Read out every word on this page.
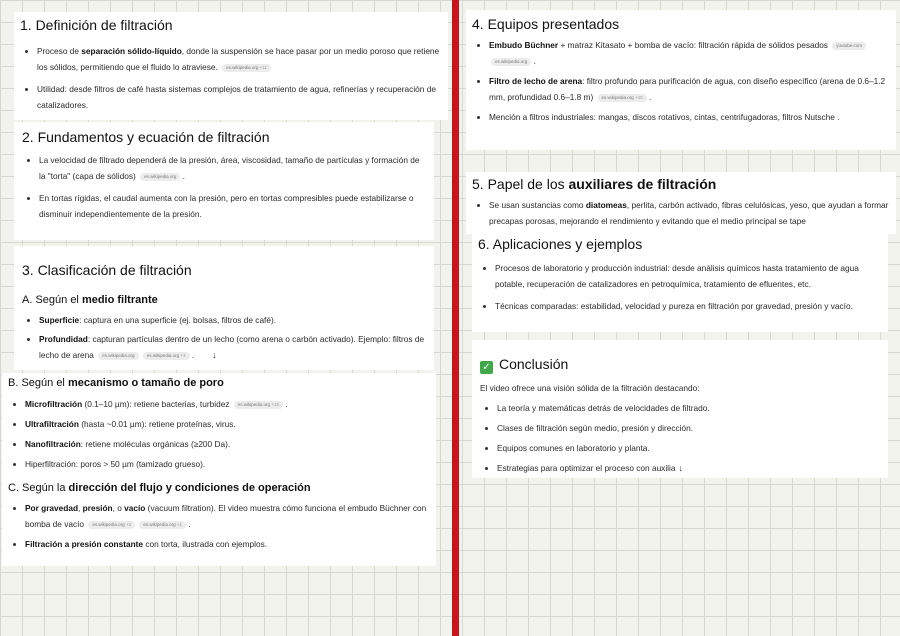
1. Definición de filtración
Proceso de separación sólido‑líquido, donde la suspensión se hace pasar por un medio poroso que retiene los sólidos, permitiendo que el fluido lo atraviese. es.wikipedia.org +11
Utilidad: desde filtros de café hasta sistemas complejos de tratamiento de agua, refinerías y recuperación de catalizadores.
2. Fundamentos y ecuación de filtración
La velocidad de filtrado dependerá de la presión, área, viscosidad, tamaño de partículas y formación de la "torta" (capa de sólidos) es.wikipedia.org .
En tortas rígidas, el caudal aumenta con la presión, pero en tortas compresibles puede estabilizarse o disminuir independientemente de la presión.
3. Clasificación de filtración
A. Según el medio filtrante
Superficie: captura en una superficie (ej. bolsas, filtros de café).
Profundidad: capturan partículas dentro de un lecho (como arena o carbón activado). Ejemplo: filtros de lecho de arena es.wikipedia.org	es.wikipedia.org +1 . ↓
B. Según el mecanismo o tamaño de poro
Microfiltración (0.1–10 µm): retiene bacterias, turbidez es.wikipedia.org +15 .
Ultrafiltración (hasta ~0.01 µm): retiene proteínas, virus.
Nanofiltración: retiene moléculas orgánicas (≥200 Da).
Hiperfiltración: poros > 50 µm (tamizado grueso).
C. Según la dirección del flujo y condiciones de operación
Por gravedad, presión, o vacío (vacuum filtration). El video muestra cómo funciona el embudo Büchner con bomba de vacío es.wikipedia.org +3	es.wikipedia.org +1 .
Filtración a presión constante con torta, ilustrada con ejemplos.
4. Equipos presentados
Embudo Büchner + matraz Kitasato + bomba de vacío: filtración rápida de sólidos pesados youtube.com es.wikipedia.org .
Filtro de lecho de arena: filtro profundo para purificación de agua, con diseño específico (arena de 0.6–1.2 mm, profundidad 0.6–1.8 m) es.wikipedia.org +10 .
Mención a filtros industriales: mangas, discos rotativos, cintas, centrifugadoras, filtros Nutsche .
5. Papel de los auxiliares de filtración
Se usan sustancias como diatomeas, perlita, carbón activado, fibras celulósicas, yeso, que ayudan a formar precapas porosas, mejorando el rendimiento y evitando que el medio principal se tape
6. Aplicaciones y ejemplos
Procesos de laboratorio y producción industrial: desde análisis químicos hasta tratamiento de agua potable, recuperación de catalizadores en petroquímica, tratamiento de efluentes, etc.
Técnicas comparadas: estabilidad, velocidad y pureza en filtración por gravedad, presión y vacío.
✓ Conclusión
El video ofrece una visión sólida de la filtración destacando:
La teoría y matemáticas detrás de velocidades de filtrado.
Clases de filtración según medio, presión y dirección.
Equipos comunes en laboratorio y planta.
Estrategias para optimizar el proceso con auxilia ↓
